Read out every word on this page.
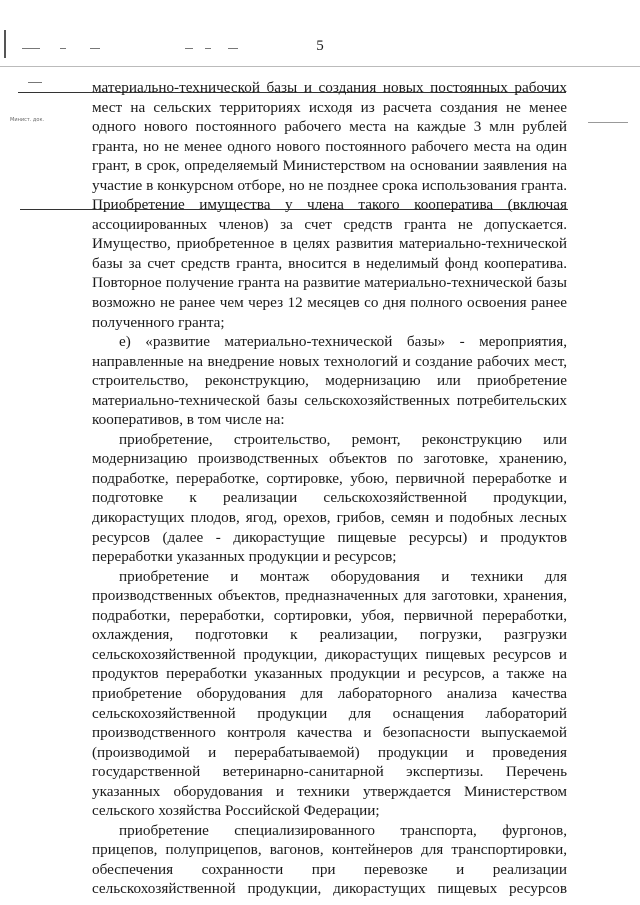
Минист. док.
5

материально-технической базы и создания новых постоянных рабочих мест на сельских территориях исходя из расчета создания не менее одного нового постоянного рабочего места на каждые 3 млн рублей гранта, но не менее одного нового постоянного рабочего места на один грант, в срок, определяемый Министерством на основании заявления на участие в конкурсном отборе, но не позднее срока использования гранта. Приобретение имущества у члена такого кооператива (включая ассоциированных членов) за счет средств гранта не допускается. Имущество, приобретенное в целях развития материально-технической базы за счет средств гранта, вносится в неделимый фонд кооператива. Повторное получение гранта на развитие материально-технической базы возможно не ранее чем через 12 месяцев со дня полного освоения ранее полученного гранта;

е) «развитие материально-технической базы» - мероприятия, направленные на внедрение новых технологий и создание рабочих мест, строительство, реконструкцию, модернизацию или приобретение материально-технической базы сельскохозяйственных потребительских кооперативов, в том числе на:

приобретение, строительство, ремонт, реконструкцию или модернизацию производственных объектов по заготовке, хранению, подработке, переработке, сортировке, убою, первичной переработке и подготовке к реализации сельскохозяйственной продукции, дикорастущих плодов, ягод, орехов, грибов, семян и подобных лесных ресурсов (далее - дикорастущие пищевые ресурсы) и продуктов переработки указанных продукции и ресурсов;

приобретение и монтаж оборудования и техники для производственных объектов, предназначенных для заготовки, хранения, подработки, переработки, сортировки, убоя, первичной переработки, охлаждения, подготовки к реализации, погрузки, разгрузки сельскохозяйственной продукции, дикорастущих пищевых ресурсов и продуктов переработки указанных продукции и ресурсов, а также на приобретение оборудования для лабораторного анализа качества сельскохозяйственной продукции для оснащения лабораторий производственного контроля качества и безопасности выпускаемой (производимой и перерабатываемой) продукции и проведения государственной ветеринарно-санитарной экспертизы. Перечень указанных оборудования и техники утверждается Министерством сельского хозяйства Российской Федерации;

приобретение специализированного транспорта, фургонов, прицепов, полуприцепов, вагонов, контейнеров для транспортировки, обеспечения сохранности при перевозке и реализации сельскохозяйственной продукции, дикорастущих пищевых ресурсов
